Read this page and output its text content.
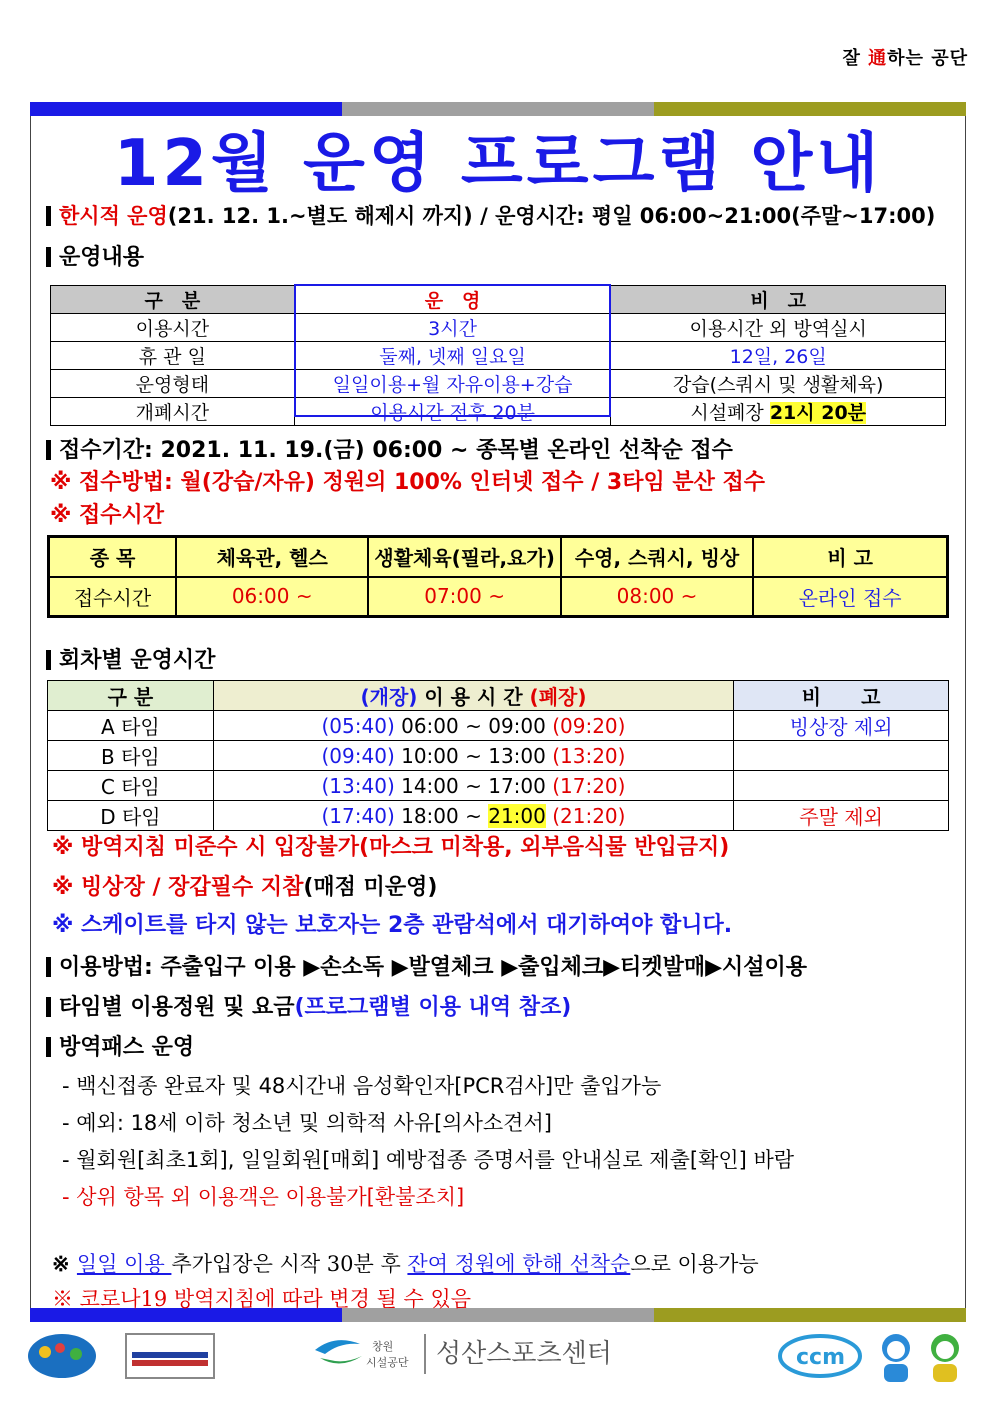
잘 通하는 공단
12월 운영 프로그램 안내
한시적 운영(21. 12. 1.~별도 해제시 까지) / 운영시간: 평일 06:00~21:00(주말~17:00)
운영내용
구　분	운　영	비　고
이용시간	3시간	이용시간 외 방역실시
휴 관 일	둘째, 넷째 일요일	12일, 26일
운영형태	일일이용+월 자유이용+강습	강습(스쿼시 및 생활체육)
개폐시간	이용시간 전후 20분	시설폐장 21시 20분
접수기간: 2021. 11. 19.(금) 06:00 ~ 종목별 온라인 선착순 접수
※ 접수방법: 월(강습/자유) 정원의 100% 인터넷 접수 / 3타임 분산 접수
※ 접수시간
종 목	체육관, 헬스	생활체육(필라,요가)	수영, 스쿼시, 빙상	비 고
접수시간	06:00 ~	07:00 ~	08:00 ~	온라인 접수
회차별 운영시간
구 분	(개장) 이 용 시 간 (폐장)	비　　고
A 타임	(05:40) 06:00 ~ 09:00 (09:20)	빙상장 제외
B 타임	(09:40) 10:00 ~ 13:00 (13:20)	
C 타임	(13:40) 14:00 ~ 17:00 (17:20)	
D 타임	(17:40) 18:00 ~ 21:00 (21:20)	주말 제외
※ 방역지침 미준수 시 입장불가(마스크 미착용, 외부음식물 반입금지)
※ 빙상장 / 장갑필수 지참(매점 미운영)
※ 스케이트를 타지 않는 보호자는 2층 관람석에서 대기하여야 합니다.
이용방법: 주출입구 이용 ▶손소독 ▶발열체크 ▶출입체크▶티켓발매▶시설이용
타임별 이용정원 및 요금(프로그램별 이용 내역 참조)
방역패스 운영
- 백신접종 완료자 및 48시간내 음성확인자[PCR검사]만 출입가능
- 예외: 18세 이하 청소년 및 의학적 사유[의사소견서]
- 월회원[최초1회], 일일회원[매회] 예방접종 증명서를 안내실로 제출[확인] 바람
- 상위 항목 외 이용객은 이용불가[환불조치]
※ 일일 이용 추가입장은 시작 30분 후 잔여 정원에 한해 선착순으로 이용가능
※ 코로나19 방역지침에 따라 변경 될 수 있음
창원
시설공단 성산스포츠센터	ccm
